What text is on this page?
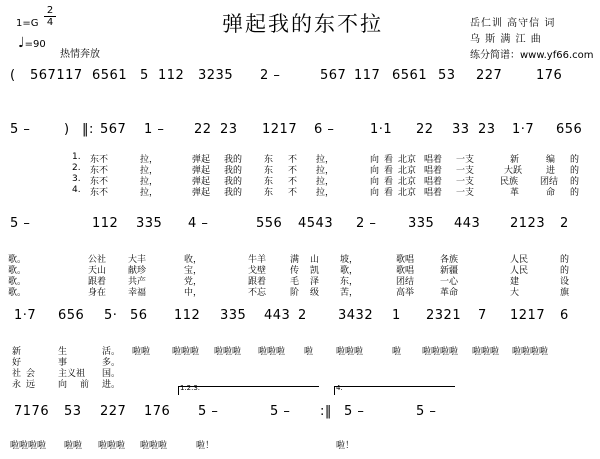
1=G
2
4
♩=90
热情奔放
弹起我的东不拉	岳仁训 高守信 词
乌 斯 满 江 曲
练分简谱：www.yf66.com
( 567117 6561 5 112 3235 2 –	567 117 6561 53 227	176
5 –	) ‖: 567 1 – 22 23 1217 6 –	1·1 22 33 23 1·7 656
1. 东不	拉，	弹起 我的 东 不 拉，	向 看 北京 唱着 一支	新	编 的
2. 东不	拉，	弹起 我的 东 不 拉，	向 看 北京 唱着 一支	大跃	进 的
3. 东不	拉，	弹起 我的 东 不 拉，	向 看 北京 唱着 一支	民族 团结 的
4. 东不	拉，	弹起 我的 东 不 拉，	向 看 北京 唱着 一支	革	命 的
5 –	112 335 4 –	556 4543 2 – 335 443 2123 2
歌。	公社 大丰	收，	牛羊	满 山 坡，	歌唱	各族	人民	的
歌。	天山 献珍	宝，	戈壁	传 凯 歌，	歌唱	新疆	人民	的
歌。	跟着 共产	党，	跟着	毛 泽 东，	团结	一心	建	设
歌。	身在 幸福	中，	不忘	阶 级 苦，	高举	革命	大	旗
1·7 656 5· 56 112 335 443 2 3432 1 2321 7 1217 6
新	生	活。 啦啦 啦啦啦 啦啦啦 啦啦啦 啦	啦啦啦	啦 啦啦啦啦 啦啦啦 啦啦啦啦
好	事	多。
社 会	主义祖 国。
永 远	向 前 进。	1.2.3.	4.
7176 53 227 176 5 –	5 – :‖ 5 –	5 –
啦啦啦啦 啦啦 啦啦啦 啦啦啦	啦！	啦！
